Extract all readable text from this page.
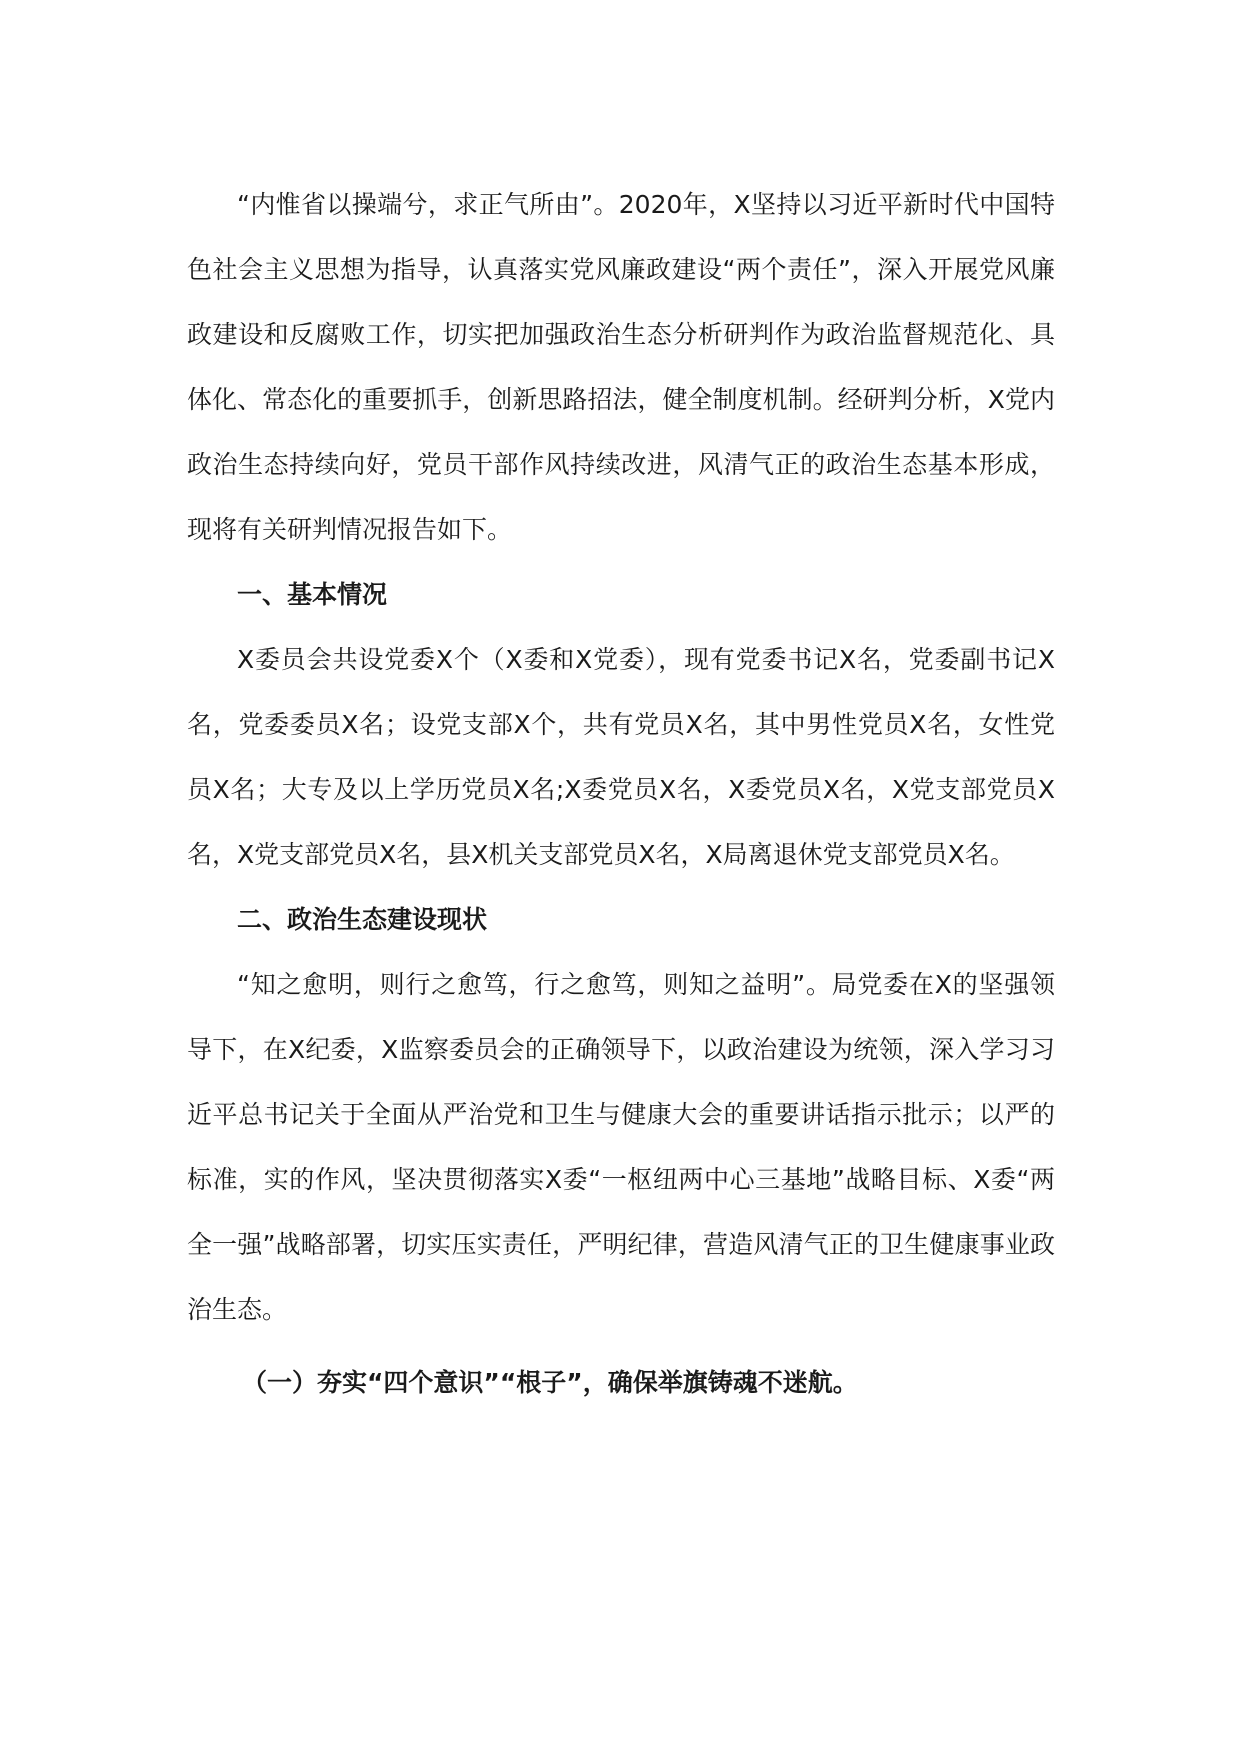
“内惟省以操端兮，求正气所由”。2020年，X坚持以习近平新时代中国特色社会主义思想为指导，认真落实党风廉政建设“两个责任”，深入开展党风廉政建设和反腐败工作，切实把加强政治生态分析研判作为政治监督规范化、具体化、常态化的重要抓手，创新思路招法，健全制度机制。经研判分析，X党内政治生态持续向好，党员干部作风持续改进，风清气正的政治生态基本形成，现将有关研判情况报告如下。

一、基本情况

X委员会共设党委X个（X委和X党委），现有党委书记X名，党委副书记X名，党委委员X名；设党支部X个，共有党员X名，其中男性党员X名，女性党员X名；大专及以上学历党员X名;X委党员X名，X委党员X名，X党支部党员X名，X党支部党员X名，县X机关支部党员X名，X局离退休党支部党员X名。

二、政治生态建设现状

“知之愈明，则行之愈笃，行之愈笃，则知之益明”。局党委在X的坚强领导下，在X纪委，X监察委员会的正确领导下，以政治建设为统领，深入学习习近平总书记关于全面从严治党和卫生与健康大会的重要讲话指示批示；以严的标准，实的作风，坚决贯彻落实X委“一枢纽两中心三基地”战略目标、X委“两全一强”战略部署，切实压实责任，严明纪律，营造风清气正的卫生健康事业政治生态。

（一）夯实“四个意识”“根子”，确保举旗铸魂不迷航。
